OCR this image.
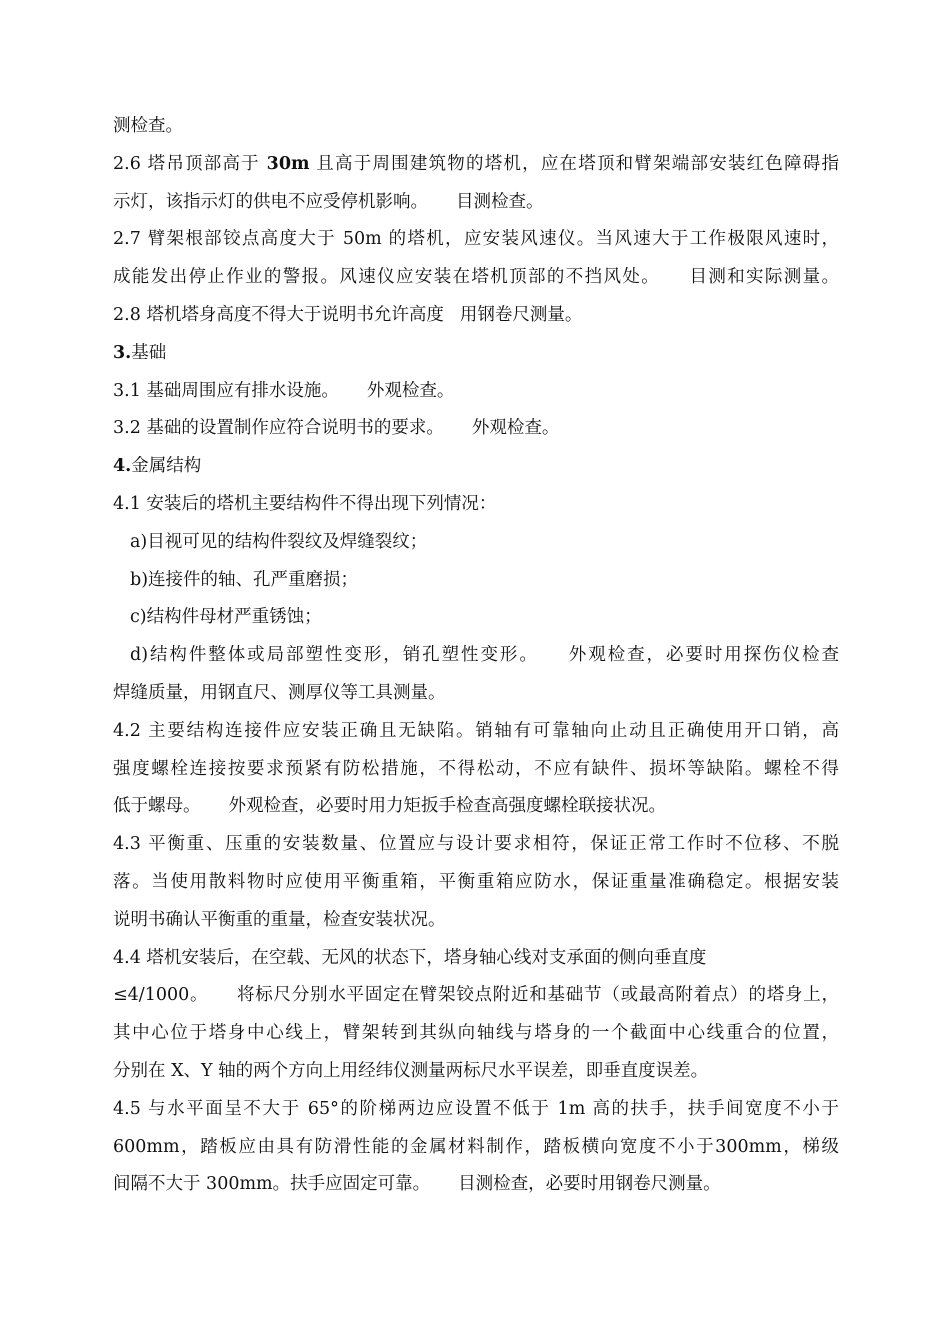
测检查。
2.6 塔吊顶部高于 30m 且高于周围建筑物的塔机，应在塔顶和臂架端部安装红色障碍指
示灯，该指示灯的供电不应受停机影响。 目测检查。
2.7 臂架根部铰点高度大于 50m 的塔机，应安装风速仪。当风速大于工作极限风速时，
成能发出停止作业的警报。风速仪应安装在塔机顶部的不挡风处。 目测和实际测量。
2.8 塔机塔身高度不得大于说明书允许高度 用钢卷尺测量。
3.基础
3.1 基础周围应有排水设施。 外观检查。
3.2 基础的设置制作应符合说明书的要求。 外观检查。
4.金属结构
4.1 安装后的塔机主要结构件不得出现下列情况：
a)目视可见的结构件裂纹及焊缝裂纹；
b)连接件的轴、孔严重磨损；
c)结构件母材严重锈蚀；
d)结构件整体或局部塑性变形，销孔塑性变形。 外观检查，必要时用探伤仪检查
焊缝质量，用钢直尺、测厚仪等工具测量。
4.2 主要结构连接件应安装正确且无缺陷。销轴有可靠轴向止动且正确使用开口销，高
强度螺栓连接按要求预紧有防松措施，不得松动，不应有缺件、损坏等缺陷。螺栓不得
低于螺母。 外观检查，必要时用力矩扳手检查高强度螺栓联接状况。
4.3 平衡重、压重的安装数量、位置应与设计要求相符，保证正常工作时不位移、不脱
落。当使用散料物时应使用平衡重箱，平衡重箱应防水，保证重量准确稳定。根据安装
说明书确认平衡重的重量，检查安装状况。
4.4 塔机安装后，在空载、无风的状态下，塔身轴心线对支承面的侧向垂直度
≤4/1000。 将标尺分别水平固定在臂架铰点附近和基础节（或最高附着点）的塔身上，
其中心位于塔身中心线上，臂架转到其纵向轴线与塔身的一个截面中心线重合的位置，
分别在 X、Y 轴的两个方向上用经纬仪测量两标尺水平误差，即垂直度误差。
4.5 与水平面呈不大于 65°的阶梯两边应设置不低于 1m 高的扶手，扶手间宽度不小于
600mm，踏板应由具有防滑性能的金属材料制作，踏板横向宽度不小于300mm，梯级
间隔不大于 300mm。扶手应固定可靠。 目测检查，必要时用钢卷尺测量。
